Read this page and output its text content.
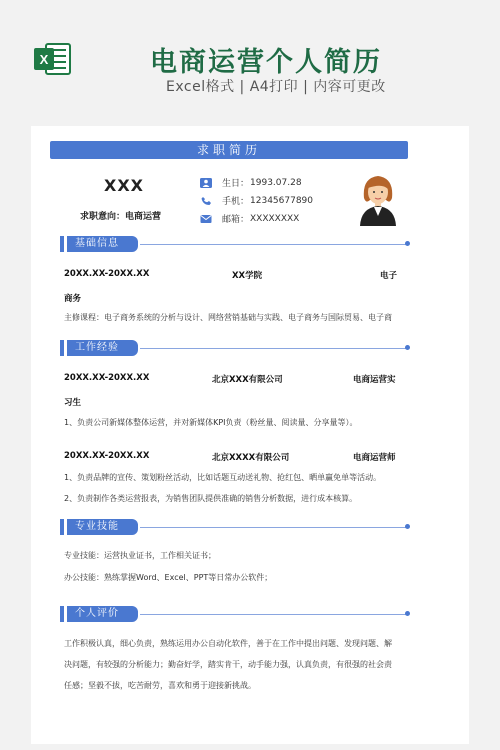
X	电商运营个人简历
Excel格式 | A4打印 | 内容可更改
求职简历
XXX
求职意向：电商运营
生日： 1993.07.28
手机： 12345677890
邮箱： XXXXXXXX
基础信息
20XX.XX-20XX.XX	XX学院	电子
商务
主修课程：电子商务系统的分析与设计、网络营销基础与实践、电子商务与国际贸易、电子商
工作经验
20XX.XX-20XX.XX	北京XXX有限公司	电商运营实
习生
1、负责公司新媒体整体运营，并对新媒体KPI负责（粉丝量、阅读量、分享量等）。
20XX.XX-20XX.XX	北京XXXX有限公司	电商运营师
1、负责品牌的宣传、策划粉丝活动，比如话题互动送礼物、抢红包、晒单赢免单等活动。
2、负责制作各类运营报表，为销售团队提供准确的销售分析数据，进行成本核算。
专业技能
专业技能：运营执业证书，工作相关证书；
办公技能：熟练掌握Word、Excel、PPT等日常办公软件；
个人评价
工作积极认真，细心负责，熟练运用办公自动化软件，善于在工作中提出问题、发现问题、解
决问题，有较强的分析能力；勤奋好学，踏实肯干，动手能力强，认真负责，有很强的社会责
任感；坚毅不拔，吃苦耐劳，喜欢和勇于迎接新挑战。
